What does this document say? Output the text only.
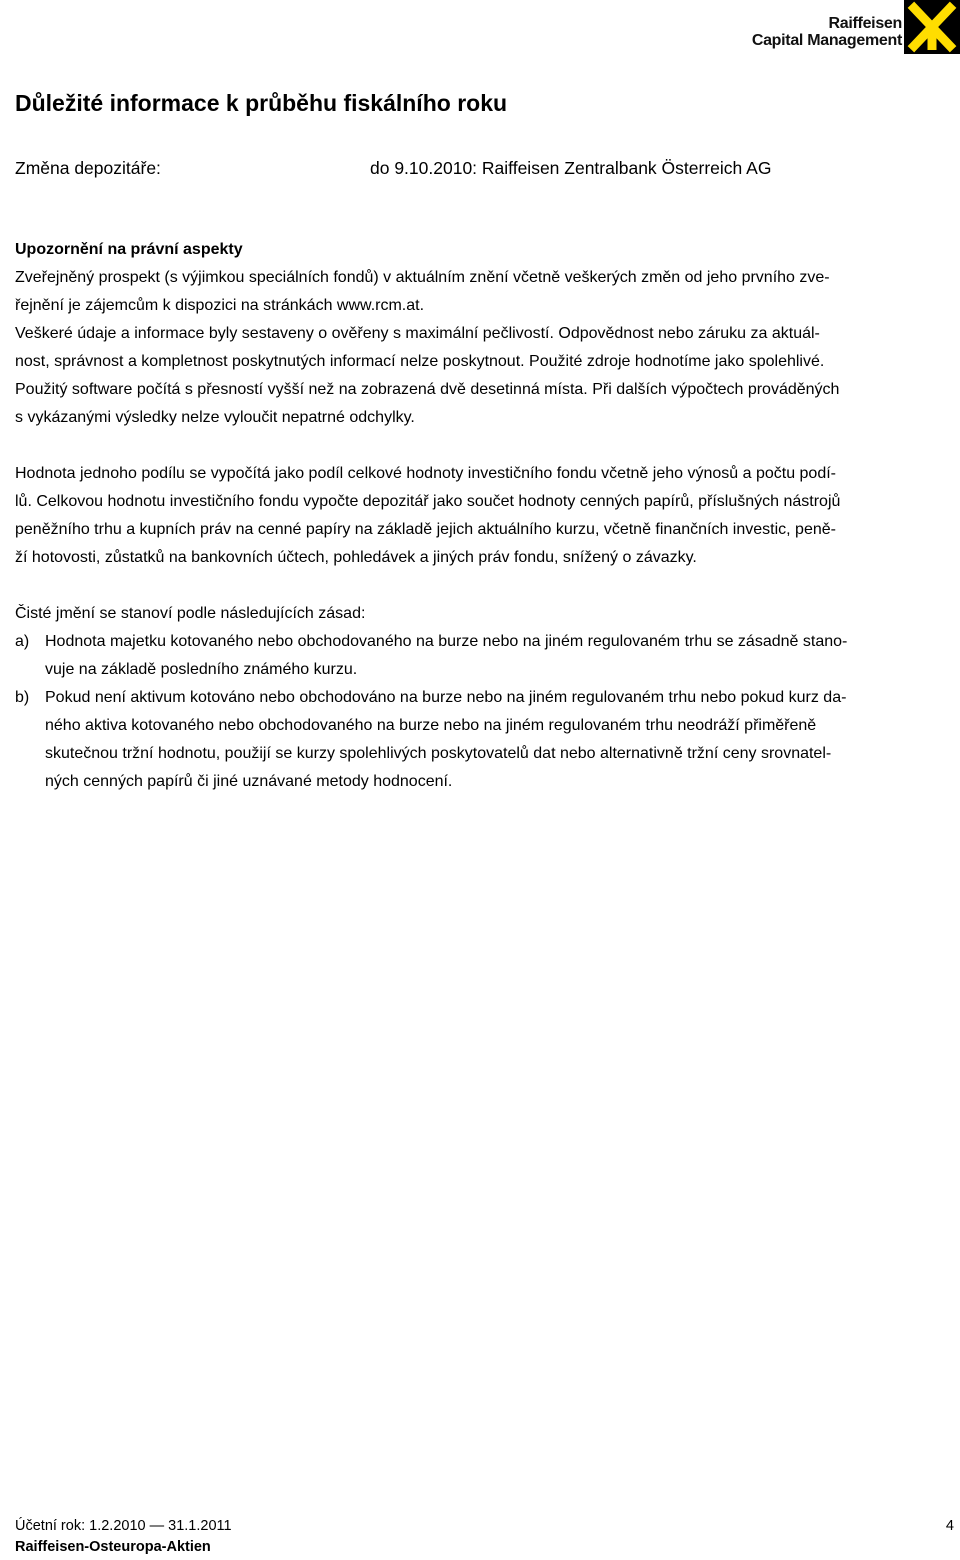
Raiffeisen
Capital Management
Důležité informace k průběhu fiskálního roku
Změna depozitáře:	do 9.10.2010: Raiffeisen Zentralbank Österreich AG

Upozornění na právní aspekty

Zveřejněný prospekt (s výjimkou speciálních fondů) v aktuálním znění včetně veškerých změn od jeho prvního zve-
řejnění je zájemcům k dispozici na stránkách www.rcm.at.

Veškeré údaje a informace byly sestaveny o ověřeny s maximální pečlivostí. Odpovědnost nebo záruku za aktuál-
nost, správnost a kompletnost poskytnutých informací nelze poskytnout. Použité zdroje hodnotíme jako spolehlivé.
Použitý software počítá s přesností vyšší než na zobrazená dvě desetinná místa. Při dalších výpočtech prováděných
s vykázanými výsledky nelze vyloučit nepatrné odchylky.

Hodnota jednoho podílu se vypočítá jako podíl celkové hodnoty investičního fondu včetně jeho výnosů a počtu podí-
lů. Celkovou hodnotu investičního fondu vypočte depozitář jako součet hodnoty cenných papírů, příslušných nástrojů
peněžního trhu a kupních práv na cenné papíry na základě jejich aktuálního kurzu, včetně finančních investic, peně-
ží hotovosti, zůstatků na bankovních účtech, pohledávek a jiných práv fondu, snížený o závazky.

Čisté jmění se stanoví podle následujících zásad:

a) Hodnota majetku kotovaného nebo obchodovaného na burze nebo na jiném regulovaném trhu se zásadně stano-
vuje na základě posledního známého kurzu.
b) Pokud není aktivum kotováno nebo obchodováno na burze nebo na jiném regulovaném trhu nebo pokud kurz da-
ného aktiva kotovaného nebo obchodovaného na burze nebo na jiném regulovaném trhu neodráží přiměřeně
skutečnou tržní hodnotu, použijí se kurzy spolehlivých poskytovatelů dat nebo alternativně tržní ceny srovnatel-
ných cenných papírů či jiné uznávané metody hodnocení.
Účetní rok: 1.2.2010 — 31.1.2011
Raiffeisen-Osteuropa-Aktien
4
